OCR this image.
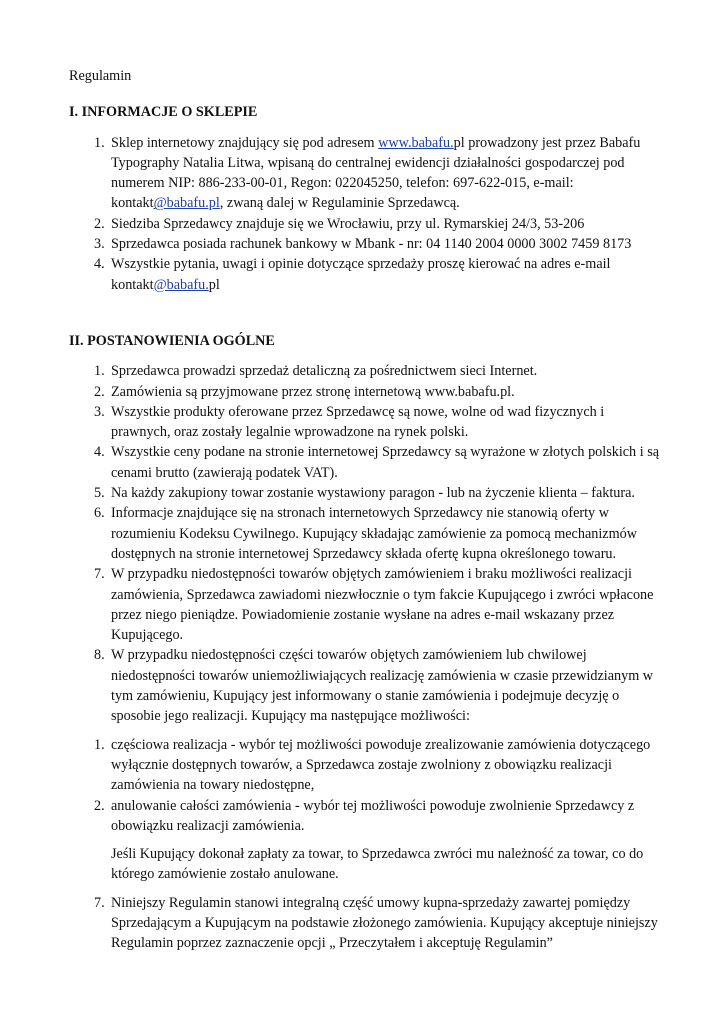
Regulamin

I. INFORMACJE O SKLEPIE
1. Sklep internetowy znajdujący się pod adresem www.babafu.pl prowadzony jest przez Babafu Typography Natalia Litwa, wpisaną do centralnej ewidencji działalności gospodarczej pod numerem NIP: 886-233-00-01, Regon: 022045250, telefon: 697-622-015, e-mail: kontakt@babafu.pl, zwaną dalej w Regulaminie Sprzedawcą.
2. Siedziba Sprzedawcy znajduje się we Wrocławiu, przy ul. Rymarskiej 24/3, 53-206
3. Sprzedawca posiada rachunek bankowy w Mbank - nr: 04 1140 2004 0000 3002 7459 8173
4. Wszystkie pytania, uwagi i opinie dotyczące sprzedaży proszę kierować na adres e-mail kontakt@babafu.pl
II. POSTANOWIENIA OGÓLNE
1. Sprzedawca prowadzi sprzedaż detaliczną za pośrednictwem sieci Internet.
2. Zamówienia są przyjmowane przez stronę internetową www.babafu.pl.
3. Wszystkie produkty oferowane przez Sprzedawcę są nowe, wolne od wad fizycznych i prawnych, oraz zostały legalnie wprowadzone na rynek polski.
4. Wszystkie ceny podane na stronie internetowej Sprzedawcy są wyrażone w złotych polskich i są cenami brutto (zawierają podatek VAT).
5. Na każdy zakupiony towar zostanie wystawiony paragon - lub na życzenie klienta – faktura.
6. Informacje znajdujące się na stronach internetowych Sprzedawcy nie stanowią oferty w rozumieniu Kodeksu Cywilnego. Kupujący składając zamówienie za pomocą mechanizmów dostępnych na stronie internetowej Sprzedawcy składa ofertę kupna określonego towaru.
7. W przypadku niedostępności towarów objętych zamówieniem i braku możliwości realizacji zamówienia, Sprzedawca zawiadomi niezwłocznie o tym fakcie Kupującego i zwróci wpłacone przez niego pieniądze. Powiadomienie zostanie wysłane na adres e-mail wskazany przez Kupującego.
8. W przypadku niedostępności części towarów objętych zamówieniem lub chwilowej niedostępności towarów uniemożliwiających realizację zamówienia w czasie przewidzianym w tym zamówieniu, Kupujący jest informowany o stanie zamówienia i podejmuje decyzję o sposobie jego realizacji. Kupujący ma następujące możliwości:
1. częściowa realizacja - wybór tej możliwości powoduje zrealizowanie zamówienia dotyczącego wyłącznie dostępnych towarów, a Sprzedawca zostaje zwolniony z obowiązku realizacji zamówienia na towary niedostępne,
2. anulowanie całości zamówienia - wybór tej możliwości powoduje zwolnienie Sprzedawcy z obowiązku realizacji zamówienia.

Jeśli Kupujący dokonał zapłaty za towar, to Sprzedawca zwróci mu należność za towar, co do którego zamówienie zostało anulowane.

7. Niniejszy Regulamin stanowi integralną część umowy kupna-sprzedaży zawartej pomiędzy Sprzedającym a Kupującym na podstawie złożonego zamówienia. Kupujący akceptuje niniejszy Regulamin poprzez zaznaczenie opcji „ Przeczytałem i akceptuję Regulamin”
